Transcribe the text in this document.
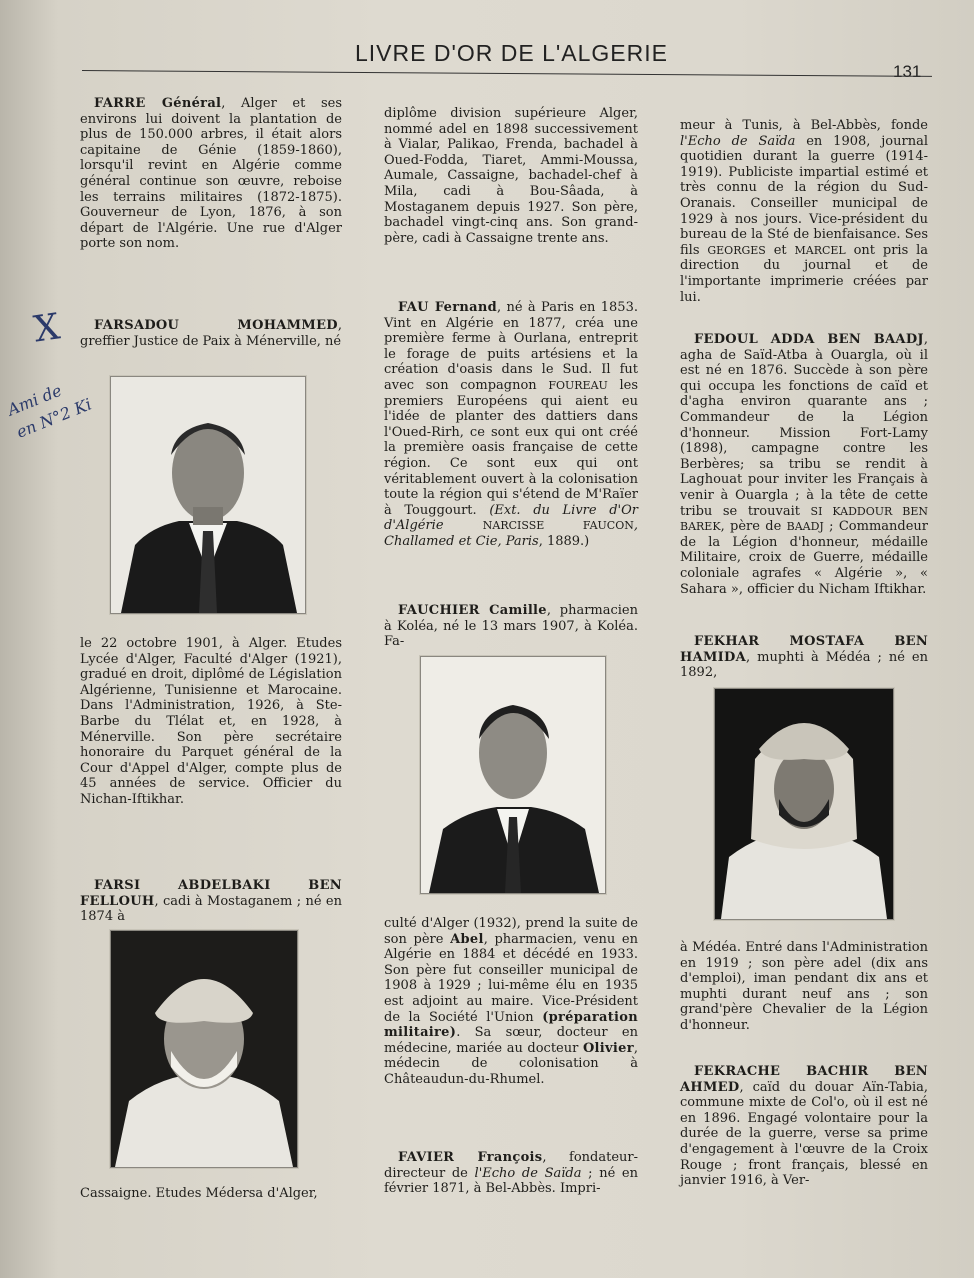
LIVRE D'OR DE L'ALGERIE
131
X
Ami de
en N°2 Ki

FARRE Général, Alger et ses environs lui doivent la plantation de plus de 150.000 arbres, il était alors capitaine de Génie (1859-1860), lorsqu'il revint en Algérie comme général continue son œuvre, reboise les terrains militaires (1872-1875). Gouverneur de Lyon, 1876, à son départ de l'Algérie. Une rue d'Alger porte son nom.

FARSADOU MOHAMMED, greffier Justice de Paix à Ménerville, né

le 22 octobre 1901, à Alger. Etudes Lycée d'Alger, Faculté d'Alger (1921), gradué en droit, diplômé de Législation Algérienne, Tunisienne et Marocaine. Dans l'Administration, 1926, à Ste-Barbe du Tlélat et, en 1928, à Ménerville. Son père secrétaire honoraire du Parquet général de la Cour d'Appel d'Alger, compte plus de 45 années de service. Officier du Nichan-Iftikhar.

FARSI ABDELBAKI BEN FELLOUH, cadi à Mostaganem ; né en 1874 à

Cassaigne. Etudes Médersa d'Alger,

diplôme division supérieure Alger, nommé adel en 1898 successivement à Vialar, Palikao, Frenda, bachadel à Oued-Fodda, Tiaret, Ammi-Moussa, Aumale, Cassaigne, bachadel-chef à Mila, cadi à Bou-Sâada, à Mostaganem depuis 1927. Son père, bachadel vingt-cinq ans. Son grand-père, cadi à Cassaigne trente ans.

FAU Fernand, né à Paris en 1853. Vint en Algérie en 1877, créa une première ferme à Ourlana, entreprit le forage de puits artésiens et la création d'oasis dans le Sud. Il fut avec son compagnon FOUREAU les premiers Européens qui aient eu l'idée de planter des dattiers dans l'Oued-Rirh, ce sont eux qui ont créé la première oasis française de cette région. Ce sont eux qui ont véritablement ouvert à la colonisation toute la région qui s'étend de M'Raïer à Touggourt. (Ext. du Livre d'Or d'Algérie NARCISSE FAUCON, Challamed et Cie, Paris, 1889.)

FAUCHIER Camille, pharmacien à Koléa, né le 13 mars 1907, à Koléa. Fa-

culté d'Alger (1932), prend la suite de son père Abel, pharmacien, venu en Algérie en 1884 et décédé en 1933. Son père fut conseiller municipal de 1908 à 1929 ; lui-même élu en 1935 est adjoint au maire. Vice-Président de la Société l'Union (préparation militaire). Sa sœur, docteur en médecine, mariée au docteur Olivier, médecin de colonisation à Châteaudun-du-Rhumel.

FAVIER François, fondateur-directeur de l'Echo de Saïda ; né en février 1871, à Bel-Abbès. Impri-

meur à Tunis, à Bel-Abbès, fonde l'Echo de Saïda en 1908, journal quotidien durant la guerre (1914-1919). Publiciste impartial estimé et très connu de la région du Sud-Oranais. Conseiller municipal de 1929 à nos jours. Vice-président du bureau de la Sté de bienfaisance. Ses fils GEORGES et MARCEL ont pris la direction du journal et de l'importante imprimerie créées par lui.

FEDOUL ADDA BEN BAADJ, agha de Saïd-Atba à Ouargla, où il est né en 1876. Succède à son père qui occupa les fonctions de caïd et d'agha environ quarante ans ; Commandeur de la Légion d'honneur. Mission Fort-Lamy (1898), campagne contre les Berbères; sa tribu se rendit à Laghouat pour inviter les Français à venir à Ouargla ; à la tête de cette tribu se trouvait SI KADDOUR BEN BAREK, père de BAADJ ; Commandeur de la Légion d'honneur, médaille Militaire, croix de Guerre, médaille coloniale agrafes « Algérie », « Sahara », officier du Nicham Iftikhar.

FEKHAR MOSTAFA BEN HAMIDA, muphti à Médéa ; né en 1892,

à Médéa. Entré dans l'Administration en 1919 ; son père adel (dix ans d'emploi), iman pendant dix ans et muphti durant neuf ans ; son grand'père Chevalier de la Légion d'honneur.

FEKRACHE BACHIR BEN AHMED, caïd du douar Aïn-Tabia, commune mixte de Col'o, où il est né en 1896. Engagé volontaire pour la durée de la guerre, verse sa prime d'engagement à l'œuvre de la Croix Rouge ; front français, blessé en janvier 1916, à Ver-
